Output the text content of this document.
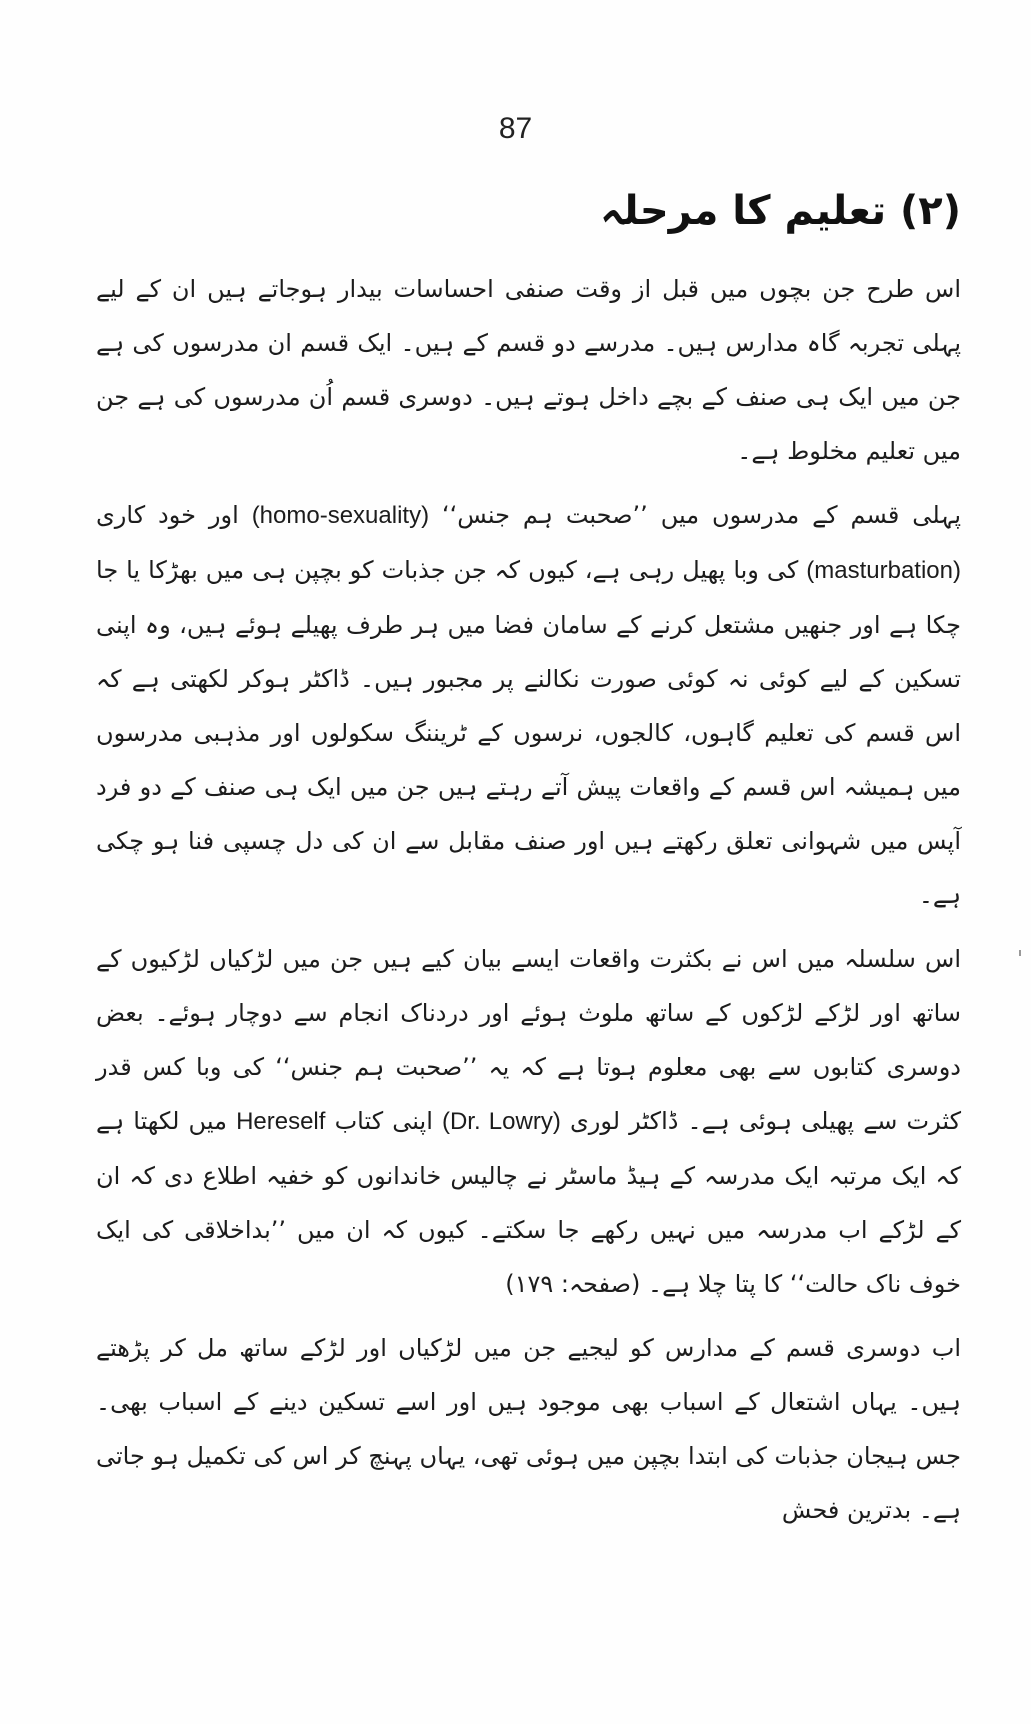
87
(۲) تعلیم کا مرحلہ

اس طرح جن بچوں میں قبل از وقت صنفی احساسات بیدار ہوجاتے ہیں ان کے لیے پہلی تجربہ گاہ مدارس ہیں۔ مدرسے دو قسم کے ہیں۔ ایک قسم ان مدرسوں کی ہے جن میں ایک ہی صنف کے بچے داخل ہوتے ہیں۔ دوسری قسم اُن مدرسوں کی ہے جن میں تعلیم مخلوط ہے۔

پہلی قسم کے مدرسوں میں ’’صحبت ہم جنس‘‘ (homo-sexuality) اور خود کاری (masturbation) کی وبا پھیل رہی ہے، کیوں کہ جن جذبات کو بچپن ہی میں بھڑکا یا جا چکا ہے اور جنھیں مشتعل کرنے کے سامان فضا میں ہر طرف پھیلے ہوئے ہیں، وہ اپنی تسکین کے لیے کوئی نہ کوئی صورت نکالنے پر مجبور ہیں۔ ڈاکٹر ہوکر لکھتی ہے کہ اس قسم کی تعلیم گاہوں، کالجوں، نرسوں کے ٹریننگ سکولوں اور مذہبی مدرسوں میں ہمیشہ اس قسم کے واقعات پیش آتے رہتے ہیں جن میں ایک ہی صنف کے دو فرد آپس میں شہوانی تعلق رکھتے ہیں اور صنف مقابل سے ان کی دل چسپی فنا ہو چکی ہے۔

اس سلسلہ میں اس نے بکثرت واقعات ایسے بیان کیے ہیں جن میں لڑکیاں لڑکیوں کے ساتھ اور لڑکے لڑکوں کے ساتھ ملوث ہوئے اور دردناک انجام سے دوچار ہوئے۔ بعض دوسری کتابوں سے بھی معلوم ہوتا ہے کہ یہ ’’صحبت ہم جنس‘‘ کی وبا کس قدر کثرت سے پھیلی ہوئی ہے۔ ڈاکٹر لوری (Dr. Lowry) اپنی کتاب Hereself میں لکھتا ہے کہ ایک مرتبہ ایک مدرسہ کے ہیڈ ماسٹر نے چالیس خاندانوں کو خفیہ اطلاع دی کہ ان کے لڑکے اب مدرسہ میں نہیں رکھے جا سکتے۔ کیوں کہ ان میں ’’بداخلاقی کی ایک خوف ناک حالت‘‘ کا پتا چلا ہے۔ (صفحہ: ۱۷۹)

اب دوسری قسم کے مدارس کو لیجیے جن میں لڑکیاں اور لڑکے ساتھ مل کر پڑھتے ہیں۔ یہاں اشتعال کے اسباب بھی موجود ہیں اور اسے تسکین دینے کے اسباب بھی۔ جس ہیجان جذبات کی ابتدا بچپن میں ہوئی تھی، یہاں پہنچ کر اس کی تکمیل ہو جاتی ہے۔ بدترین فحش
